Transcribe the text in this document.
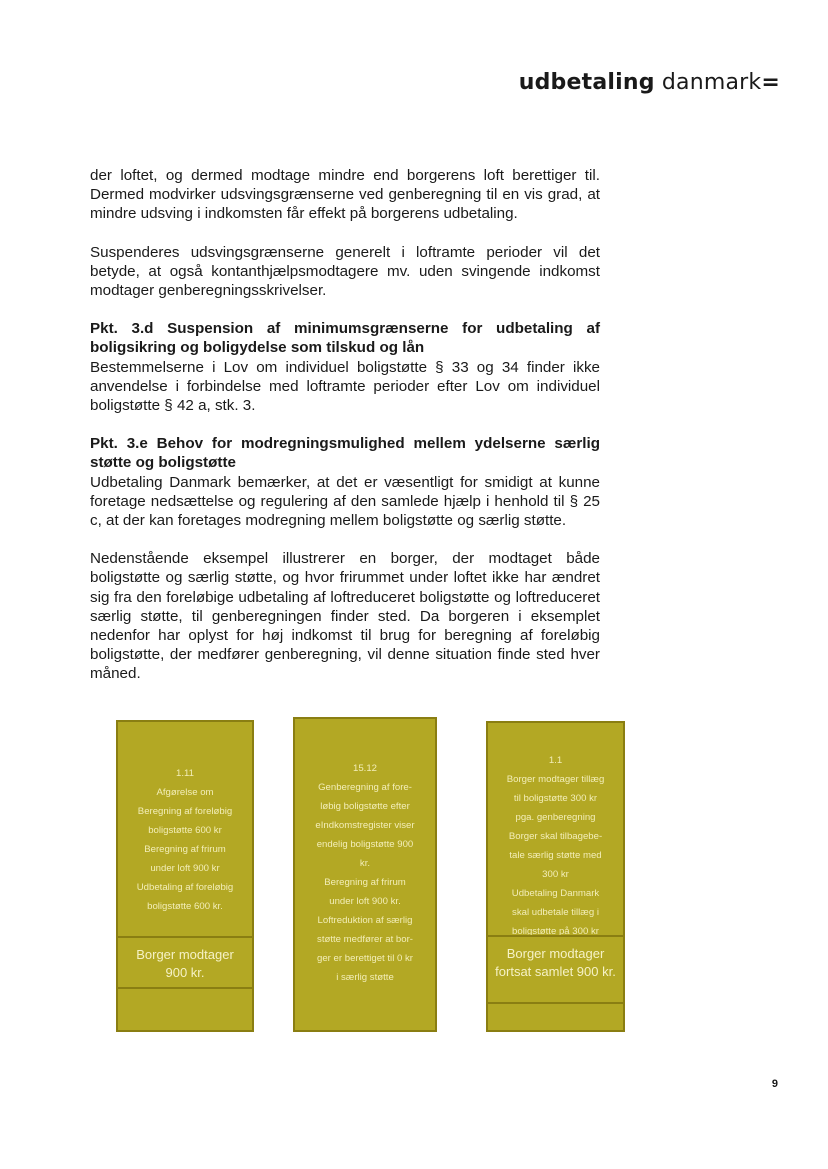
udbetaling danmark=

der loftet, og dermed modtage mindre end borgerens loft berettiger til. Dermed modvirker udsvingsgrænserne ved genberegning til en vis grad, at mindre udsving i indkomsten får effekt på borgerens udbetaling.

Suspenderes udsvingsgrænserne generelt i loftramte perioder vil det betyde, at også kontanthjælpsmodtagere mv. uden svingende indkomst modtager genberegningsskrivelser.

Pkt. 3.d Suspension af minimumsgrænserne for udbetaling af boligsikring og boligydelse som tilskud og lån

Bestemmelserne i Lov om individuel boligstøtte § 33 og 34 finder ikke anvendelse i forbindelse med loftramte perioder efter Lov om individuel boligstøtte § 42 a, stk. 3.

Pkt. 3.e Behov for modregningsmulighed mellem ydelserne særlig støtte og boligstøtte

Udbetaling Danmark bemærker, at det er væsentligt for smidigt at kunne foretage nedsættelse og regulering af den samlede hjælp i henhold til § 25 c, at der kan foretages modregning mellem boligstøtte og særlig støtte.

Nedenstående eksempel illustrerer en borger, der modtaget både boligstøtte og særlig støtte, og hvor frirummet under loftet ikke har ændret sig fra den foreløbige udbetaling af loftreduceret boligstøtte og loftreduceret særlig støtte, til genberegningen finder sted. Da borgeren i eksemplet nedenfor har oplyst for høj indkomst til brug for beregning af foreløbig boligstøtte, der medfører genberegning, vil denne situation finde sted hver måned.

1.11
Afgørelse om
Beregning af foreløbig
boligstøtte 600 kr
Beregning af frirum
under loft 900 kr
Udbetaling af foreløbig
boligstøtte 600 kr.
Borger modtager 900 kr.
15.12
Genberegning af fore-
løbig boligstøtte efter
eIndkomstregister viser
endelig boligstøtte 900
kr.
Beregning af frirum
under loft 900 kr.
Loftreduktion af særlig
støtte medfører at bor-
ger er berettiget til 0 kr
i særlig støtte
1.1
Borger modtager tillæg
til boligstøtte 300 kr
pga. genberegning
Borger skal tilbagebe-
tale særlig støtte med
300 kr
Udbetaling Danmark
skal udbetale tillæg i
boligstøtte på 300 kr
Borger modtager fortsat samlet 900 kr.
9
